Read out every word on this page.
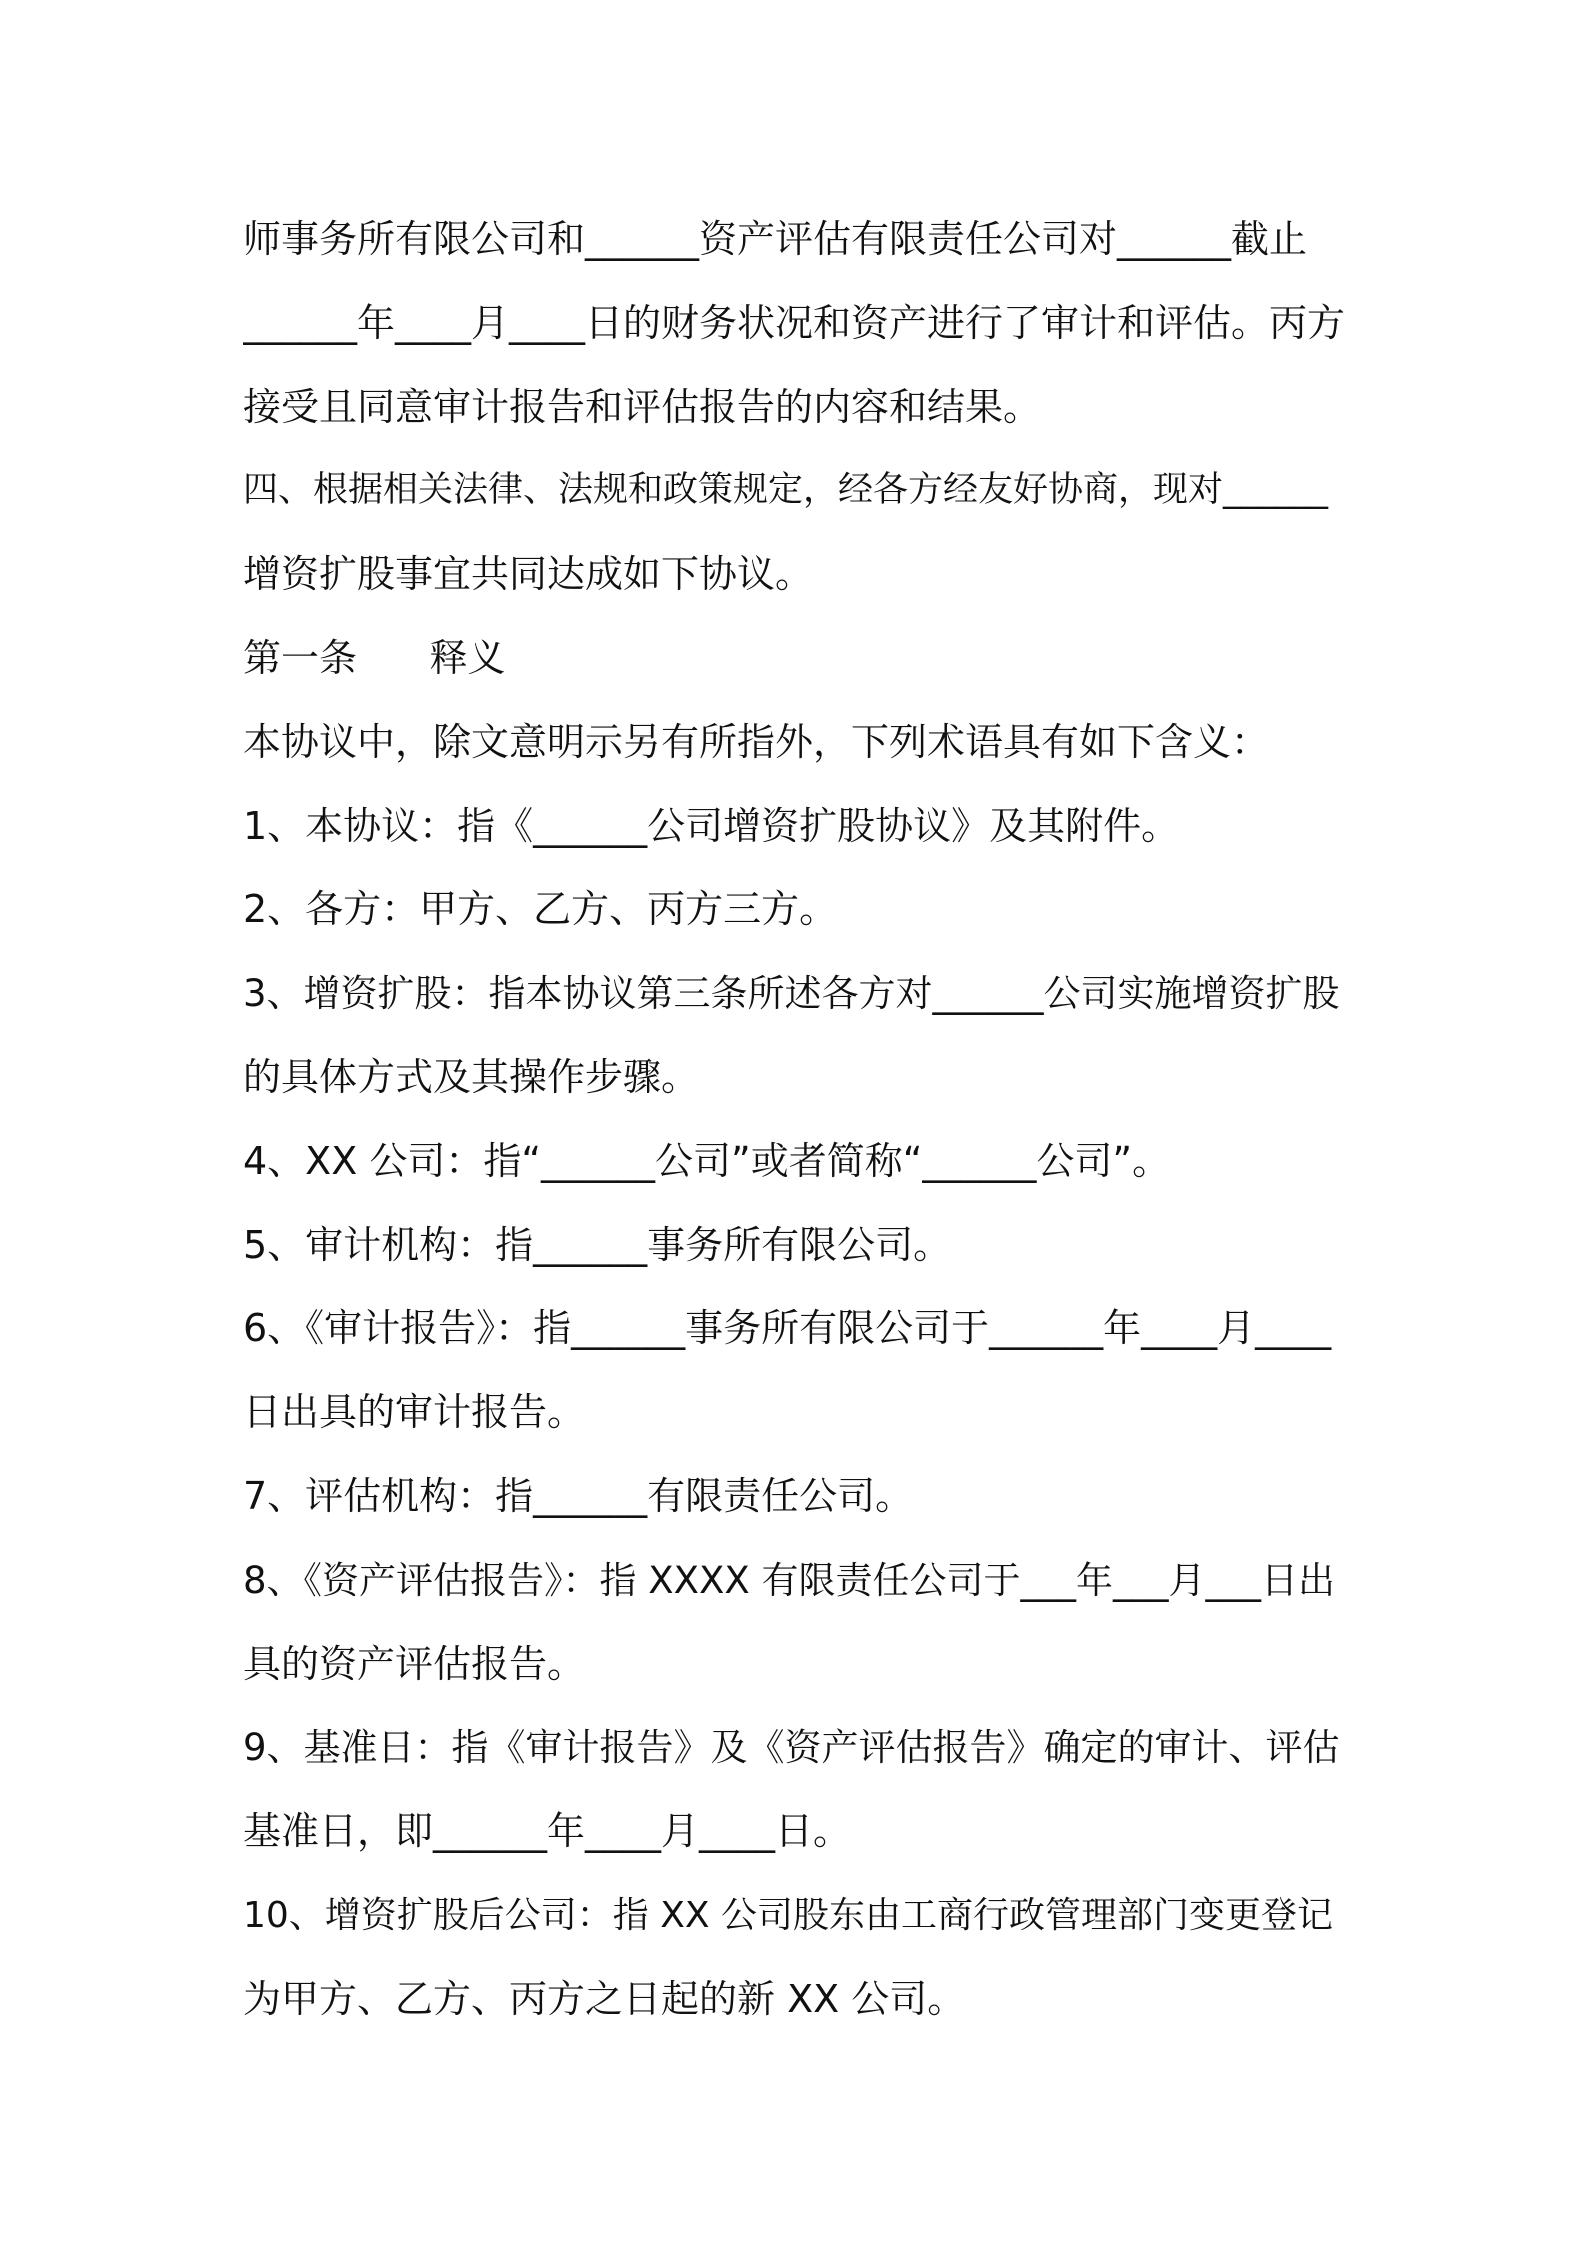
师事务所有限公司和______资产评估有限责任公司对______截止
______年____月____日的财务状况和资产进行了审计和评估。丙方
接受且同意审计报告和评估报告的内容和结果。
四、根据相关法律、法规和政策规定，经各方经友好协商，现对______
增资扩股事宜共同达成如下协议。
第一条      释义
本协议中，除文意明示另有所指外，下列术语具有如下含义：
1、本协议：指《______公司增资扩股协议》及其附件。
2、各方：甲方、乙方、丙方三方。
3、增资扩股：指本协议第三条所述各方对______公司实施增资扩股
的具体方式及其操作步骤。
4、XX 公司：指“______公司”或者简称“______公司”。
5、审计机构：指______事务所有限公司。
6、《审计报告》：指______事务所有限公司于______年____月____
日出具的审计报告。
7、评估机构：指______有限责任公司。
8、《资产评估报告》：指 XXXX 有限责任公司于___年___月___日出
具的资产评估报告。
9、基准日：指《审计报告》及《资产评估报告》确定的审计、评估
基准日，即______年____月____日。
10、增资扩股后公司：指 XX 公司股东由工商行政管理部门变更登记
为甲方、乙方、丙方之日起的新 XX 公司。
